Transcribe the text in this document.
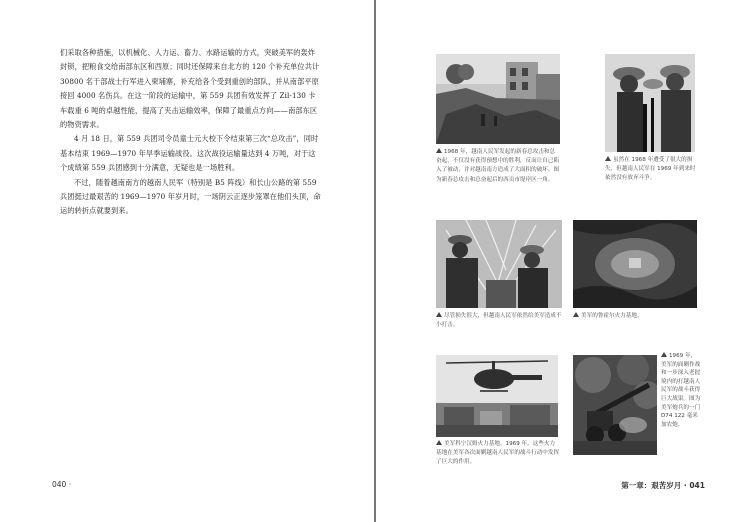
们采取各种措施，以机械化、人力运、畜力、水路运输的方式，突破美军的轰炸封锁，把粮食交给南部东区和西原；同时还保障来自北方的 120 个补充单位共计 30800 名干部战士行军进入柬埔寨，补充给各个受到重创的部队，并从南部平原接回 4000 名伤兵。在这一阶段的运输中，第 559 兵团有效发挥了 Zil-130 卡车载重 6 吨的卓越性能，提高了夹击运输效率，保障了最重点方向——南部东区的物资需求。

4 月 18 日，第 559 兵团司令员童士元大校下令结束第三次“总攻击”，同时基本结束 1969—1970 年旱季运输战役。这次战役运输量达到 4 万吨，对于这个成绩第 559 兵团感到十分满意，无疑也是一场胜利。

不过，随着越南南方的越南人民军（特别是 B5 阵线）和长山公路的第 559 兵团挺过最艰苦的 1969—1970 年岁月时，一场阴云正逐步笼罩在他们头顶，命运的转折点就要到来。

040 ·
1968 年，越南人民军发起的新春总攻击和总奋起，不仅没有获得预想中的胜利，反而让自己陷入了被动，并对越南南方造成了大面积的破坏。图为新春总攻击和总奋起后的西贡市堤岸区一角。
虽然在 1968 年遭受了很大的损失，但越南人民军在 1969 年到来时依然没有放弃斗争。
尽管损失很大，但越南人民军依然给美军造成不小打击。
美军的鲁霍尔火力基地。
美军科宁汉姆火力基地。1969 年，这些火力基地在美军各次面剿越南人民军的战斗行动中发挥了巨大的作用。
1969 年，美军的面剿作战和一步深入老挝境内的打越南人民军的战斗获得巨大战果。图为美军炮兵的一门 D74 122 毫米加农炮。
第一章：艰苦岁月 · 041
